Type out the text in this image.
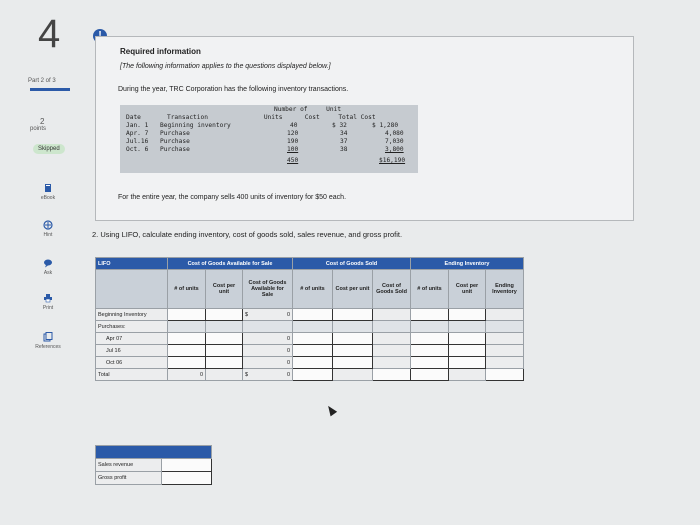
4
Part 2 of 3
2
points
Skipped
eBook
Hint
Ask
Print
References
Required information
[The following information applies to the questions displayed below.]
During the year, TRC Corporation has the following inventory transactions.
Number of     Unit
Date       Transaction               Units      Cost     Total Cost
Jan. 1 Beginning inventory	40	$ 32	$ 1,280
Apr. 7 Purchase	120	34	4,080
Jul.16 Purchase	190	37	7,030
Oct. 6 Purchase	100	38	3,800
450	$16,190
For the entire year, the company sells 400 units of inventory for $50 each.
2. Using LIFO, calculate ending inventory, cost of goods sold, sales revenue, and gross profit.
LIFO	Cost of Goods Available for Sale			Cost of Goods Sold			Ending Inventory		
	# of units	Cost per unit	Cost of Goods Available for Sale	# of units	Cost per unit	Cost of Goods Sold	# of units	Cost per unit	Ending Inventory
Beginning Inventory			$ 0						

Purchases:									
Apr 07			0						
Jul 16			0						
Oct 06			0						
Total	0		$ 0						

Sales revenue	
Gross profit	
